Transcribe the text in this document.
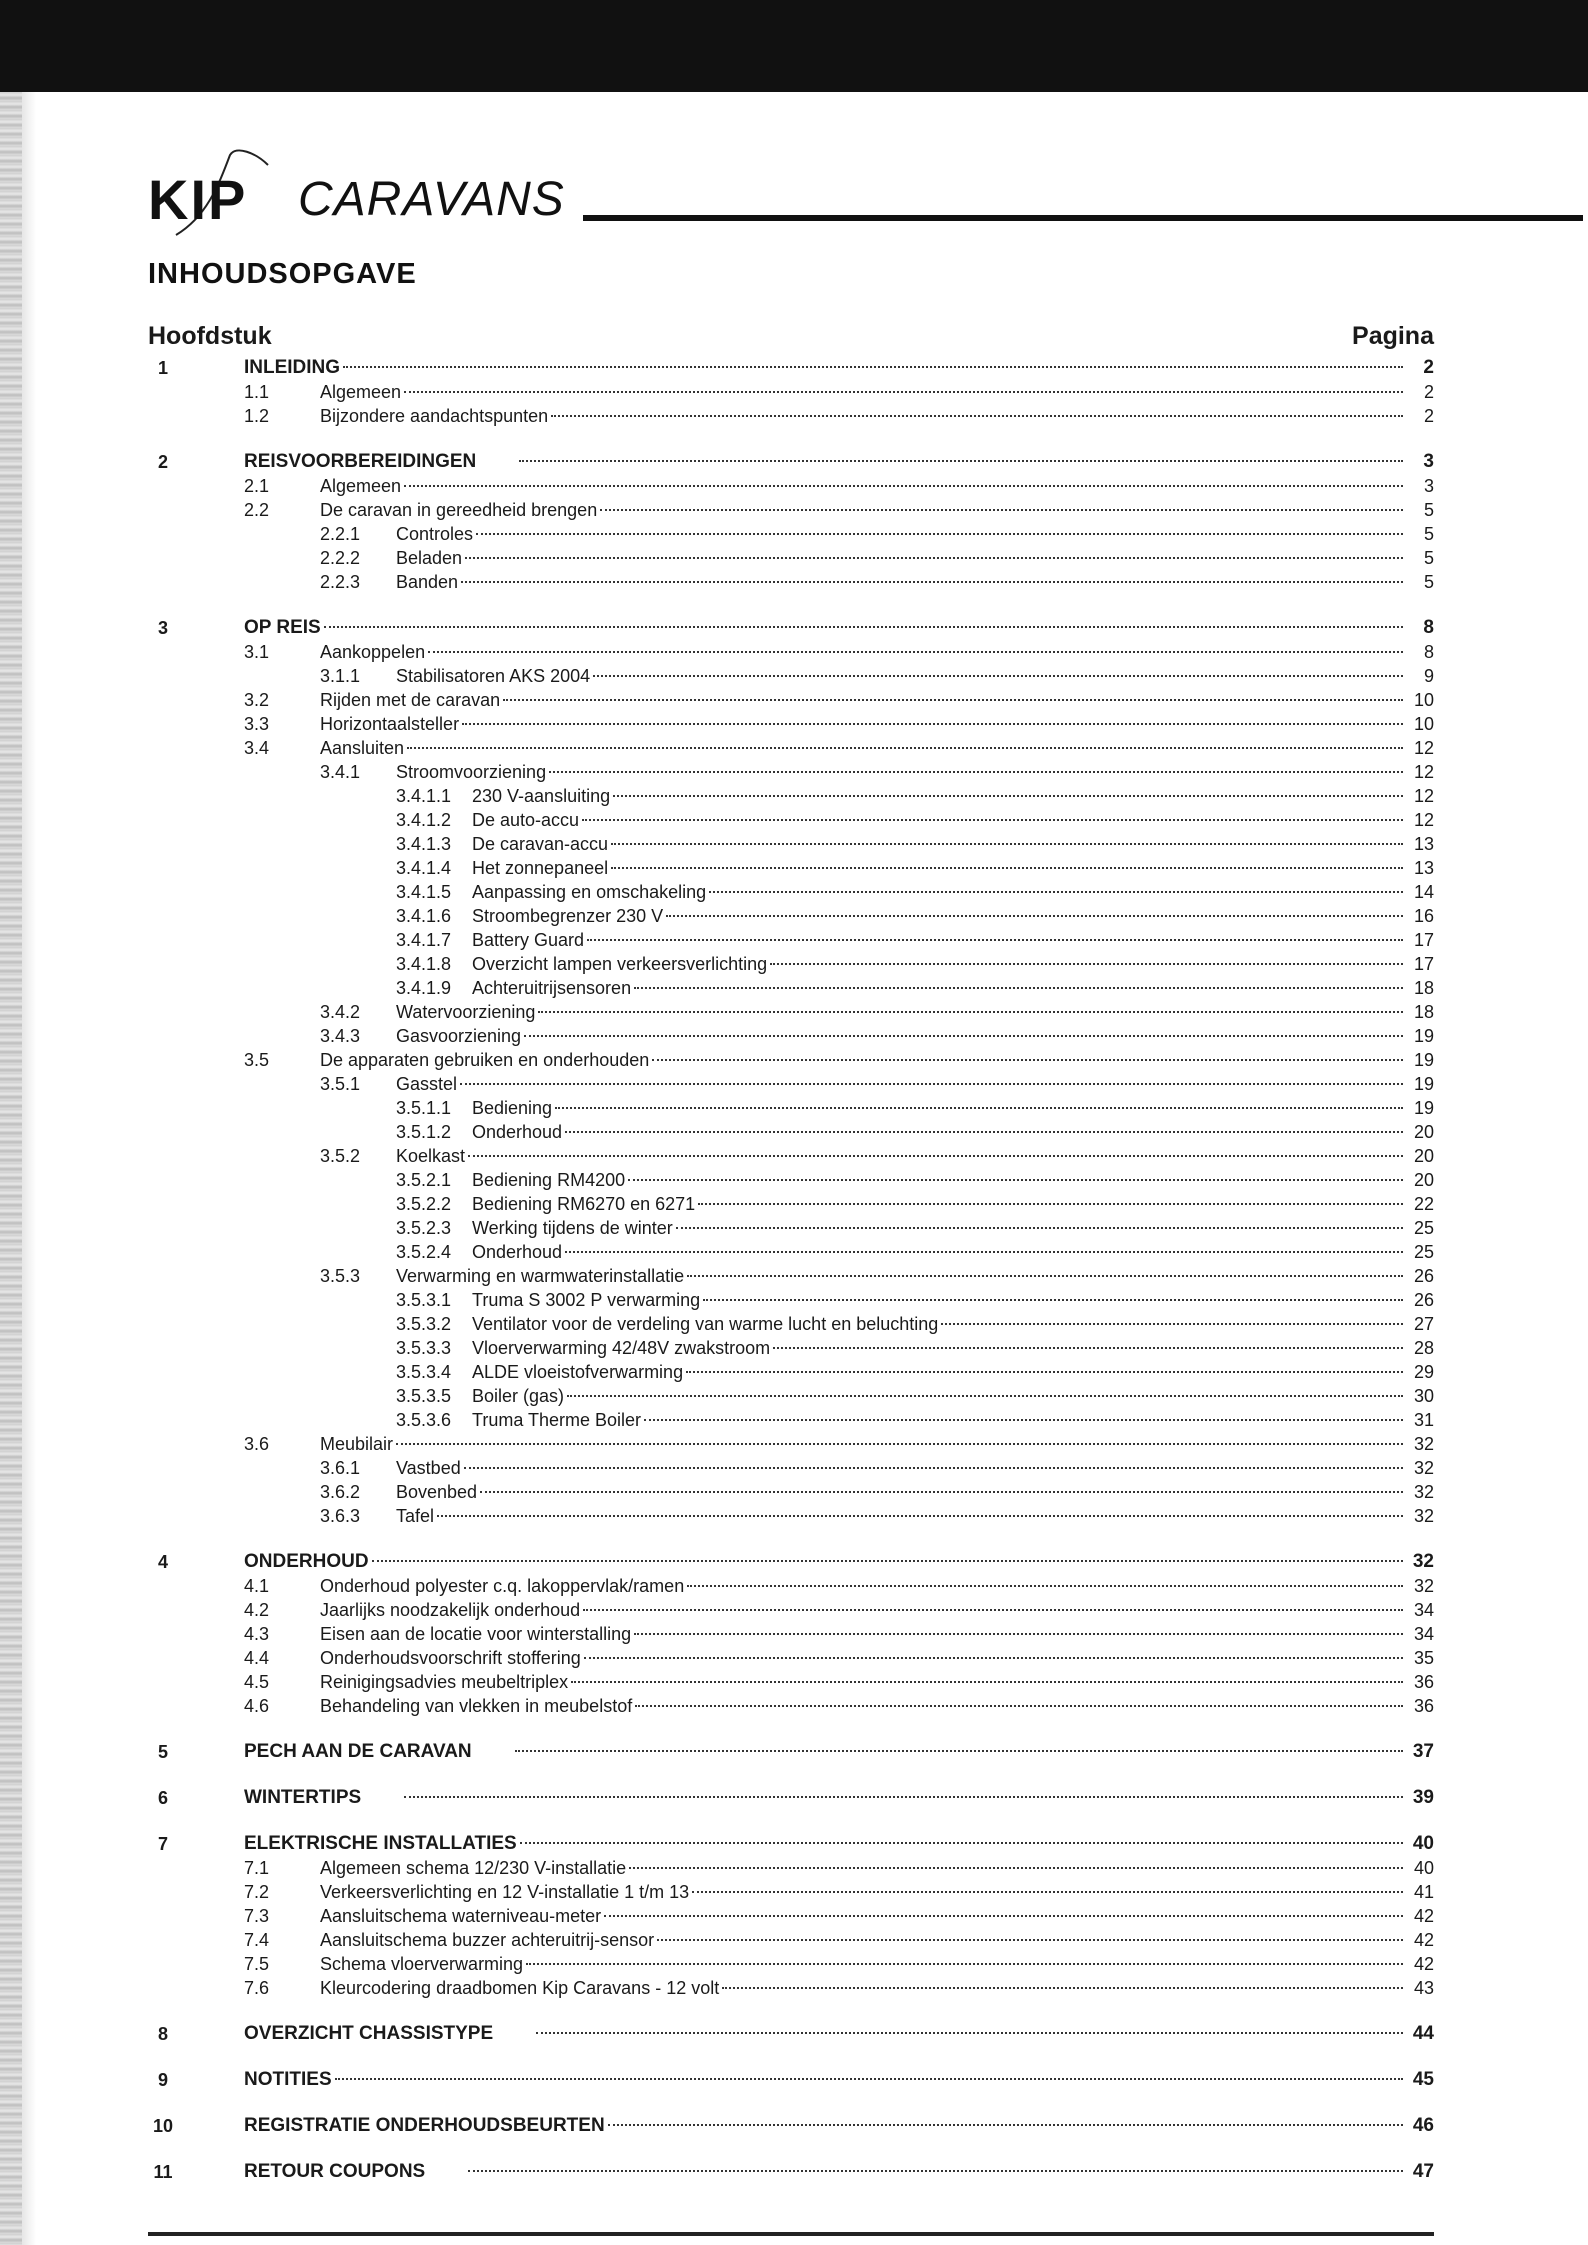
KIP CARAVANS
INHOUDSOPGAVE
Hoofdstuk	Pagina
1	INLEIDING	2
1.1	Algemeen	2
1.2	Bijzondere aandachtspunten	2
2	REISVOORBEREIDINGEN	3
2.1	Algemeen	3
2.2	De caravan in gereedheid brengen	5
2.2.1	Controles	5
2.2.2	Beladen	5
2.2.3	Banden	5
3	OP REIS	8
3.1	Aankoppelen	8
3.1.1	Stabilisatoren AKS 2004	9
3.2	Rijden met de caravan	10
3.3	Horizontaalsteller	10
3.4	Aansluiten	12
3.4.1	Stroomvoorziening	12
3.4.1.1	230 V-aansluiting	12
3.4.1.2	De auto-accu	12
3.4.1.3	De caravan-accu	13
3.4.1.4	Het zonnepaneel	13
3.4.1.5	Aanpassing en omschakeling	14
3.4.1.6	Stroombegrenzer 230 V	16
3.4.1.7	Battery Guard	17
3.4.1.8	Overzicht lampen verkeersverlichting	17
3.4.1.9	Achteruitrijsensoren	18
3.4.2	Watervoorziening	18
3.4.3	Gasvoorziening	19
3.5	De apparaten gebruiken en onderhouden	19
3.5.1	Gasstel	19
3.5.1.1	Bediening	19
3.5.1.2	Onderhoud	20
3.5.2	Koelkast	20
3.5.2.1	Bediening RM4200	20
3.5.2.2	Bediening RM6270 en 6271	22
3.5.2.3	Werking tijdens de winter	25
3.5.2.4	Onderhoud	25
3.5.3	Verwarming en warmwaterinstallatie	26
3.5.3.1	Truma S 3002 P verwarming	26
3.5.3.2	Ventilator voor de verdeling van warme lucht en beluchting	27
3.5.3.3	Vloerverwarming 42/48V zwakstroom	28
3.5.3.4	ALDE vloeistofverwarming	29
3.5.3.5	Boiler (gas)	30
3.5.3.6	Truma Therme Boiler	31
3.6	Meubilair	32
3.6.1	Vastbed	32
3.6.2	Bovenbed	32
3.6.3	Tafel	32
4	ONDERHOUD	32
4.1	Onderhoud polyester c.q. lakoppervlak/ramen	32
4.2	Jaarlijks noodzakelijk onderhoud	34
4.3	Eisen aan de locatie voor winterstalling	34
4.4	Onderhoudsvoorschrift stoffering	35
4.5	Reinigingsadvies meubeltriplex	36
4.6	Behandeling van vlekken in meubelstof	36
5	PECH AAN DE CARAVAN	37
6	WINTERTIPS	39
7	ELEKTRISCHE INSTALLATIES	40
7.1	Algemeen schema 12/230 V-installatie	40
7.2	Verkeersverlichting en 12 V-installatie 1 t/m 13	41
7.3	Aansluitschema waterniveau-meter	42
7.4	Aansluitschema buzzer achteruitrij-sensor	42
7.5	Schema vloerverwarming	42
7.6	Kleurcodering draadbomen Kip Caravans - 12 volt	43
8	OVERZICHT CHASSISTYPE	44
9	NOTITIES	45
10	REGISTRATIE ONDERHOUDSBEURTEN	46
11	RETOUR COUPONS	47
